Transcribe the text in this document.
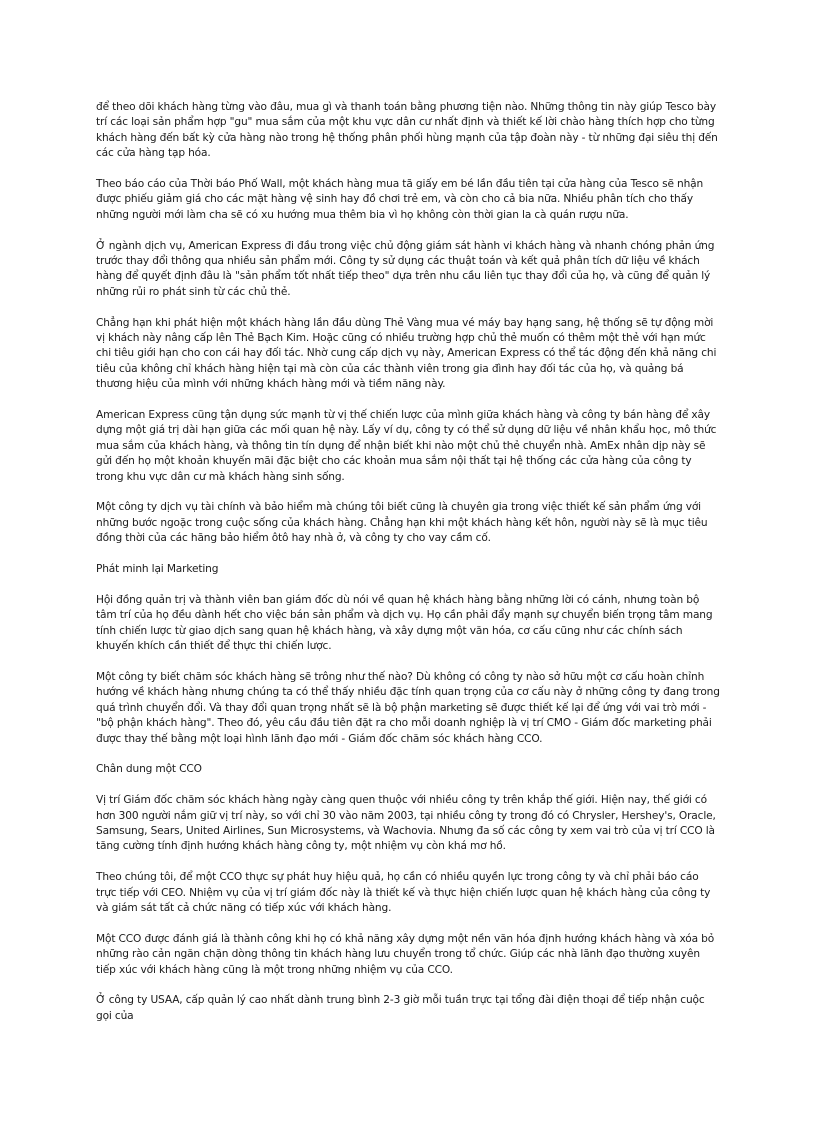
để theo dõi khách hàng từng vào đâu, mua gì và thanh toán bằng phương tiện nào. Những thông tin này giúp Tesco bày trí các loại sản phẩm hợp "gu" mua sắm của một khu vực dân cư nhất định và thiết kế lời chào hàng thích hợp cho từng khách hàng đến bất kỳ cửa hàng nào trong hệ thống phân phối hùng mạnh của tập đoàn này - từ những đại siêu thị đến các cửa hàng tạp hóa.

Theo báo cáo của Thời báo Phố Wall, một khách hàng mua tã giấy em bé lần đầu tiên tại cửa hàng của Tesco sẽ nhận được phiếu giảm giá cho các mặt hàng vệ sinh hay đồ chơi trẻ em, và còn cho cả bia nữa. Nhiều phân tích cho thấy những người mới làm cha sẽ có xu hướng mua thêm bia vì họ không còn thời gian la cà quán rượu nữa.

Ở ngành dịch vụ, American Express đi đầu trong việc chủ động giám sát hành vi khách hàng và nhanh chóng phản ứng trước thay đổi thông qua nhiều sản phẩm mới. Công ty sử dụng các thuật toán và kết quả phân tích dữ liệu về khách hàng để quyết định đâu là "sản phẩm tốt nhất tiếp theo" dựa trên nhu cầu liên tục thay đổi của họ, và cũng để quản lý những rủi ro phát sinh từ các chủ thẻ.

Chẳng hạn khi phát hiện một khách hàng lần đầu dùng Thẻ Vàng mua vé máy bay hạng sang, hệ thống sẽ tự động mời vị khách này nâng cấp lên Thẻ Bạch Kim. Hoặc cũng có nhiều trường hợp chủ thẻ muốn có thêm một thẻ với hạn mức chi tiêu giới hạn cho con cái hay đối tác. Nhờ cung cấp dịch vụ này, American Express có thể tác động đến khả năng chi tiêu của không chỉ khách hàng hiện tại mà còn của các thành viên trong gia đình hay đối tác của họ, và quảng bá thương hiệu của mình với những khách hàng mới và tiềm năng này.

American Express cũng tận dụng sức mạnh từ vị thế chiến lược của mình giữa khách hàng và công ty bán hàng để xây dựng một giá trị dài hạn giữa các mối quan hệ này. Lấy ví dụ, công ty có thể sử dụng dữ liệu về nhân khẩu học, mô thức mua sắm của khách hàng, và thông tin tín dụng để nhận biết khi nào một chủ thẻ chuyển nhà. AmEx nhân dịp này sẽ gửi đến họ một khoản khuyến mãi đặc biệt cho các khoản mua sắm nội thất tại hệ thống các cửa hàng của công ty trong khu vực dân cư mà khách hàng sinh sống.

Một công ty dịch vụ tài chính và bảo hiểm mà chúng tôi biết cũng là chuyên gia trong việc thiết kế sản phẩm ứng với những bước ngoặc trong cuộc sống của khách hàng. Chẳng hạn khi một khách hàng kết hôn, người này sẽ là mục tiêu đồng thời của các hãng bảo hiểm ôtô hay nhà ở, và công ty cho vay cầm cố.

Phát minh lại Marketing

Hội đồng quản trị và thành viên ban giám đốc dù nói về quan hệ khách hàng bằng những lời có cánh, nhưng toàn bộ tâm trí của họ đều dành hết cho việc bán sản phẩm và dịch vụ. Họ cần phải đẩy mạnh sự chuyển biến trọng tâm mang tính chiến lược từ giao dịch sang quan hệ khách hàng, và xây dựng một văn hóa, cơ cấu cũng như các chính sách khuyến khích cần thiết để thực thi chiến lược.

Một công ty biết chăm sóc khách hàng sẽ trông như thế nào? Dù không có công ty nào sở hữu một cơ cấu hoàn chỉnh hướng về khách hàng nhưng chúng ta có thể thấy nhiều đặc tính quan trọng của cơ cấu này ở những công ty đang trong quá trình chuyển đổi. Và thay đổi quan trọng nhất sẽ là bộ phận marketing sẽ được thiết kế lại để ứng với vai trò mới - "bộ phận khách hàng". Theo đó, yêu cầu đầu tiên đặt ra cho mỗi doanh nghiệp là vị trí CMO - Giám đốc marketing phải được thay thế bằng một loại hình lãnh đạo mới - Giám đốc chăm sóc khách hàng CCO.

Chân dung một CCO

Vị trí Giám đốc chăm sóc khách hàng ngày càng quen thuộc với nhiều công ty trên khắp thế giới. Hiện nay, thế giới có hơn 300 người nắm giữ vị trí này, so với chỉ 30 vào năm 2003, tại nhiều công ty trong đó có Chrysler, Hershey's, Oracle, Samsung, Sears, United Airlines, Sun Microsystems, và Wachovia. Nhưng đa số các công ty xem vai trò của vị trí CCO là tăng cường tính định hướng khách hàng công ty, một nhiệm vụ còn khá mơ hồ.

Theo chúng tôi, để một CCO thực sự phát huy hiệu quả, họ cần có nhiều quyền lực trong công ty và chỉ phải báo cáo trực tiếp với CEO. Nhiệm vụ của vị trí giám đốc này là thiết kế và thực hiện chiến lược quan hệ khách hàng của công ty và giám sát tất cả chức năng có tiếp xúc với khách hàng.

Một CCO được đánh giá là thành công khi họ có khả năng xây dựng một nền văn hóa định hướng khách hàng và xóa bỏ những rào cản ngăn chặn dòng thông tin khách hàng lưu chuyển trong tổ chức. Giúp các nhà lãnh đạo thường xuyên tiếp xúc với khách hàng cũng là một trong những nhiệm vụ của CCO.

Ở công ty USAA, cấp quản lý cao nhất dành trung bình 2-3 giờ mỗi tuần trực tại tổng đài điện thoại để tiếp nhận cuộc gọi của
